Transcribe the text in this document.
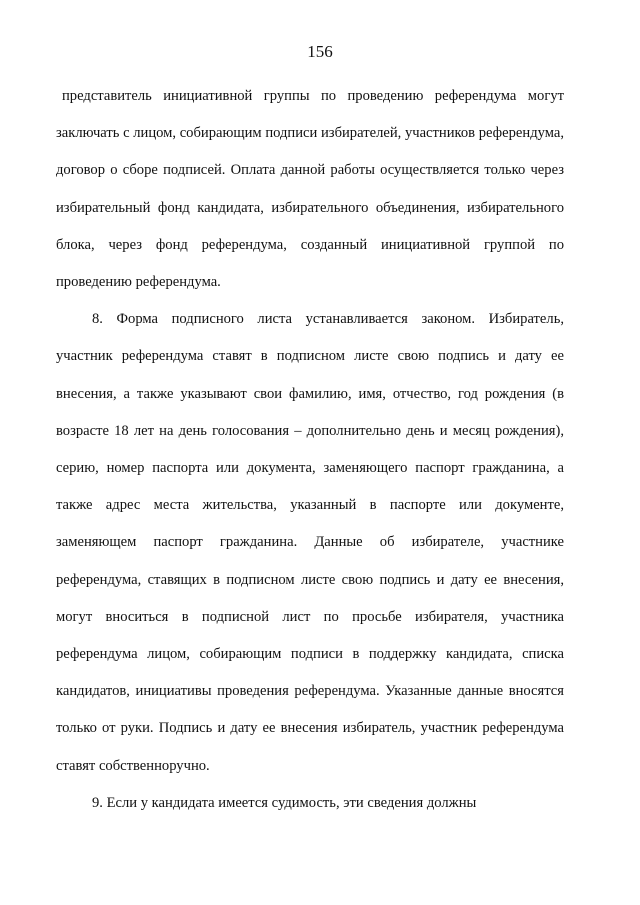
156

представитель инициативной группы по проведению референдума могут заключать с лицом, собирающим подписи избирателей, участников референдума, договор о сборе подписей. Оплата данной работы осуществляется только через избирательный фонд кандидата, избирательного объединения, избирательного блока, через фонд референдума, созданный инициативной группой по проведению референдума.

8. Форма подписного листа устанавливается законом. Избиратель, участник референдума ставят в подписном листе свою подпись и дату ее внесения, а также указывают свои фамилию, имя, отчество, год рождения (в возрасте 18 лет на день голосования – дополнительно день и месяц рождения), серию, номер паспорта или документа, заменяющего паспорт гражданина, а также адрес места жительства, указанный в паспорте или документе, заменяющем паспорт гражданина. Данные об избирателе, участнике референдума, ставящих в подписном листе свою подпись и дату ее внесения, могут вноситься в подписной лист по просьбе избирателя, участника референдума лицом, собирающим подписи в поддержку кандидата, списка кандидатов, инициативы проведения референдума. Указанные данные вносятся только от руки. Подпись и дату ее внесения избиратель, участник референдума ставят собственноручно.

9. Если у кандидата имеется судимость, эти сведения должны
